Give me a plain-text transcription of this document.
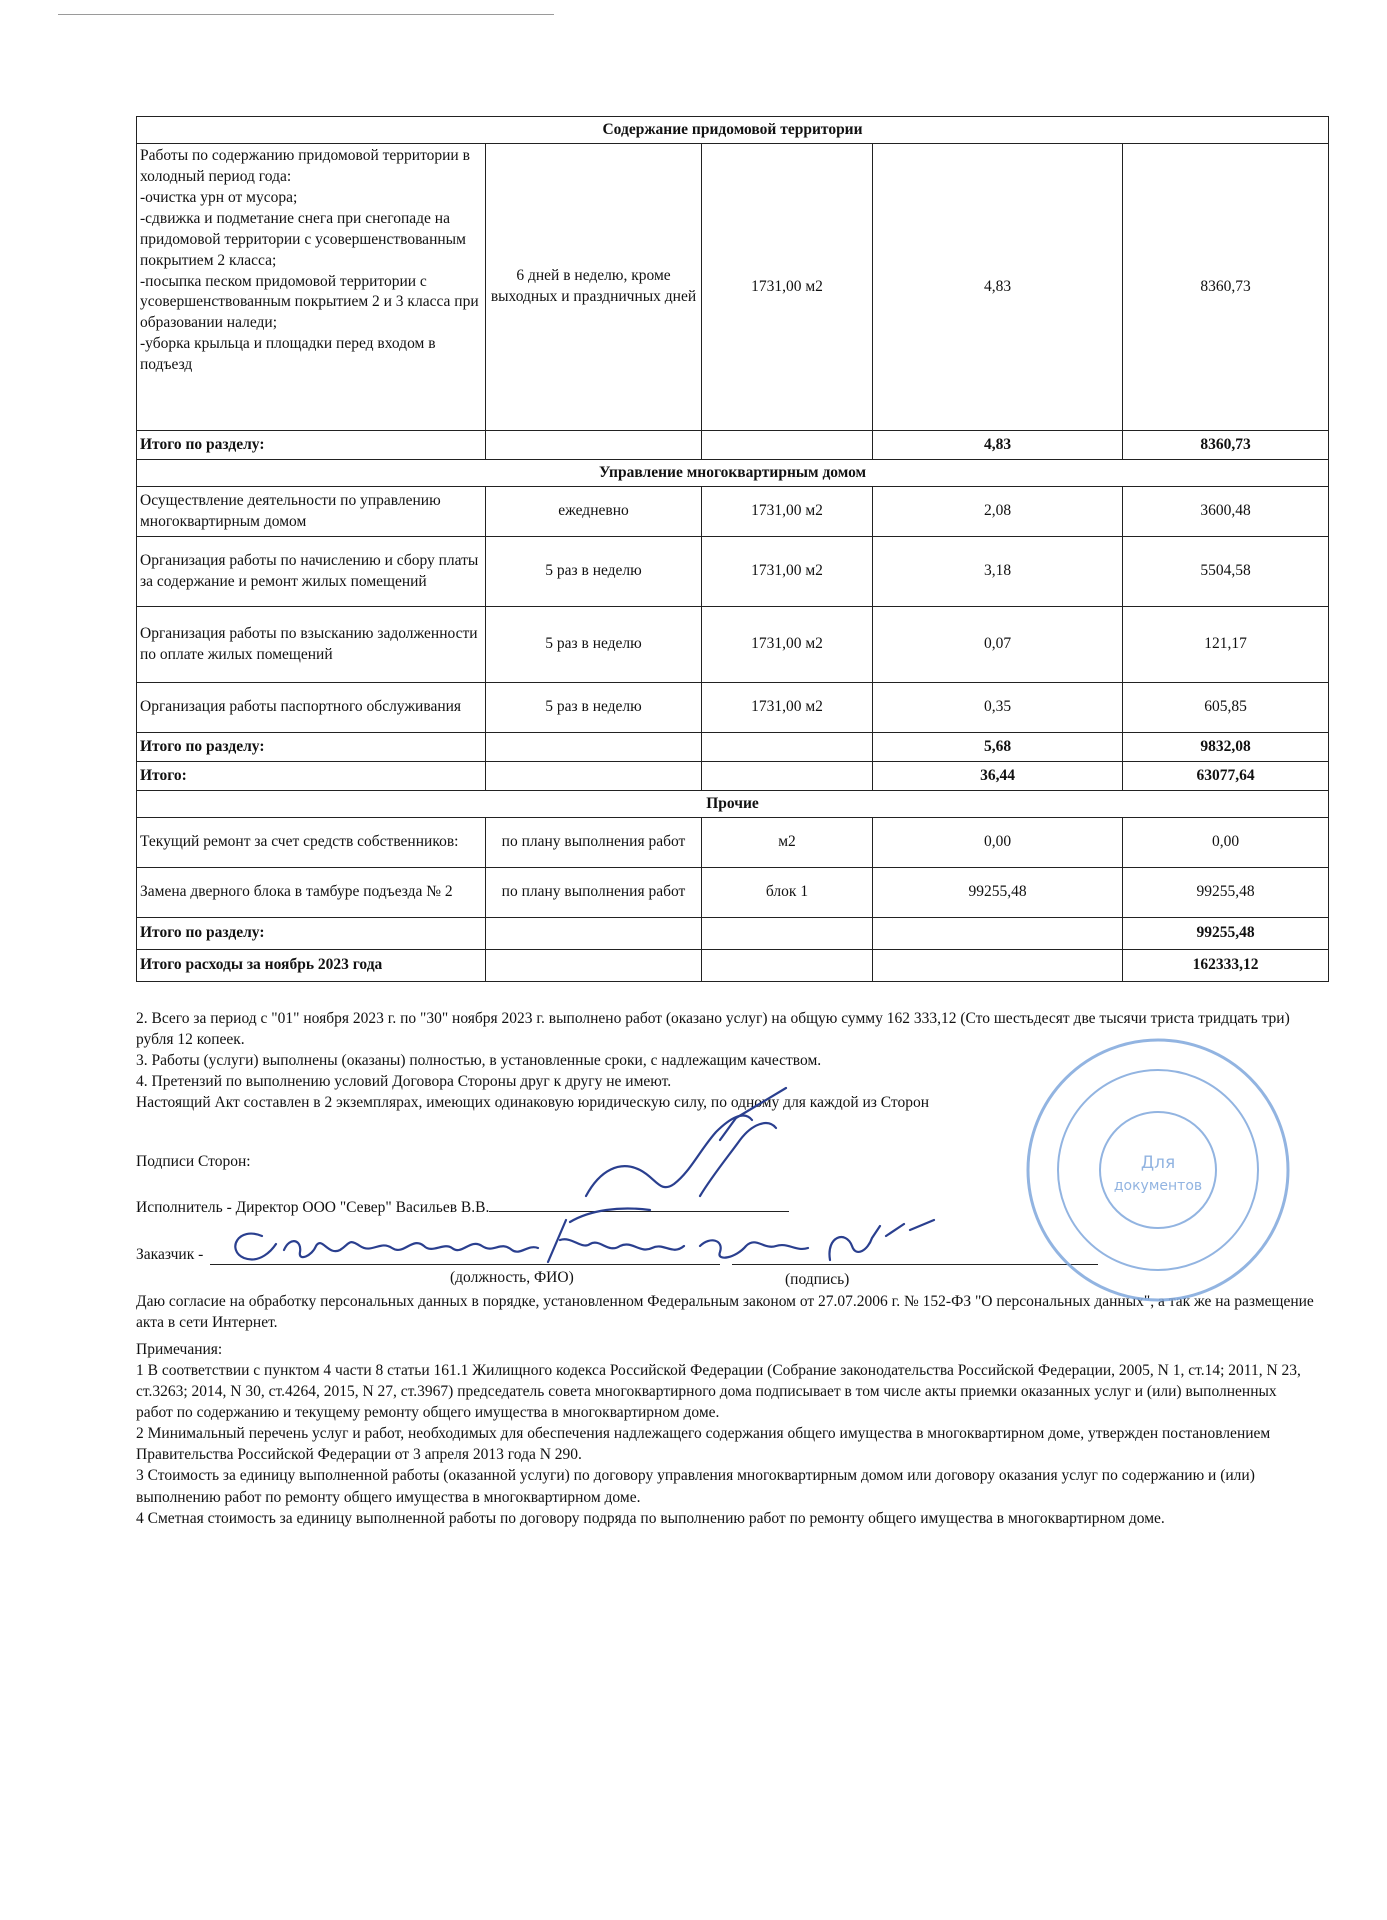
Содержание придомовой территории				
Работы по содержанию придомовой территории в холодный период года:
-очистка урн от мусора;
-сдвижка и подметание снега при снегопаде на придомовой территории с усовершенствованным покрытием 2 класса;
-посыпка песком придомовой территории с усовершенствованным покрытием 2 и 3 класса при образовании наледи;
-уборка крыльца и площадки перед входом в подъезд	6 дней в неделю, кроме выходных и праздничных дней	1731,00 м2	4,83	8360,73
Итого по разделу:			4,83	8360,73
Управление многоквартирным домом				
Осуществление деятельности по управлению многоквартирным домом	ежедневно	1731,00 м2	2,08	3600,48
Организация работы по начислению и сбору платы за содержание и ремонт жилых помещений	5 раз в неделю	1731,00 м2	3,18	5504,58
Организация работы по взысканию задолженности по оплате жилых помещений	5 раз в неделю	1731,00 м2	0,07	121,17
Организация работы паспортного обслуживания	5 раз в неделю	1731,00 м2	0,35	605,85
Итого по разделу:			5,68	9832,08
Итого:			36,44	63077,64
Прочие				
Текущий ремонт за счет средств собственников:	по плану выполнения работ	м2	0,00	0,00
Замена дверного блока в тамбуре подъезда № 2	по плану выполнения работ	блок 1	99255,48	99255,48
Итого по разделу:				99255,48
Итого расходы за ноябрь 2023 года				162333,12

2. Всего за период с "01" ноября 2023 г. по "30" ноября 2023 г. выполнено работ (оказано услуг) на общую сумму 162 333,12 (Сто шестьдесят две тысячи триста тридцать три) рубля 12 копеек.

3. Работы (услуги) выполнены (оказаны) полностью, в установленные сроки, с надлежащим качеством.

4. Претензий по выполнению условий Договора Стороны друг к другу не имеют.

Настоящий Акт составлен в 2 экземплярах, имеющих одинаковую юридическую силу, по одному для каждой из Сторон

Подписи Сторон:
Исполнитель - Директор ООО "Север" Васильев В.В.
Заказчик -
(должность, ФИО)	(подпись)
Даю согласие на обработку персональных данных в порядке, установленном Федеральным законом от 27.07.2006 г. № 152-ФЗ "О персональных данных", а так же на размещение акта в сети Интернет.

Примечания:

1 В соответствии с пунктом 4 части 8 статьи 161.1 Жилищного кодекса Российской Федерации (Собрание законодательства Российской Федерации, 2005, N 1, ст.14; 2011, N 23, ст.3263; 2014, N 30, ст.4264, 2015, N 27, ст.3967) председатель совета многоквартирного дома подписывает в том числе акты приемки оказанных услуг и (или) выполненных работ по содержанию и текущему ремонту общего имущества в многоквартирном доме.

2 Минимальный перечень услуг и работ, необходимых для обеспечения надлежащего содержания общего имущества в многоквартирном доме, утвержден постановлением Правительства Российской Федерации от 3 апреля 2013 года N 290.

3 Стоимость за единицу выполненной работы (оказанной услуги) по договору управления многоквартирным домом или договору оказания услуг по содержанию и (или) выполнению работ по ремонту общего имущества в многоквартирном доме.

4 Сметная стоимость за единицу выполненной работы по договору подряда по выполнению работ по ремонту общего имущества в многоквартирном доме.

Для
документов
